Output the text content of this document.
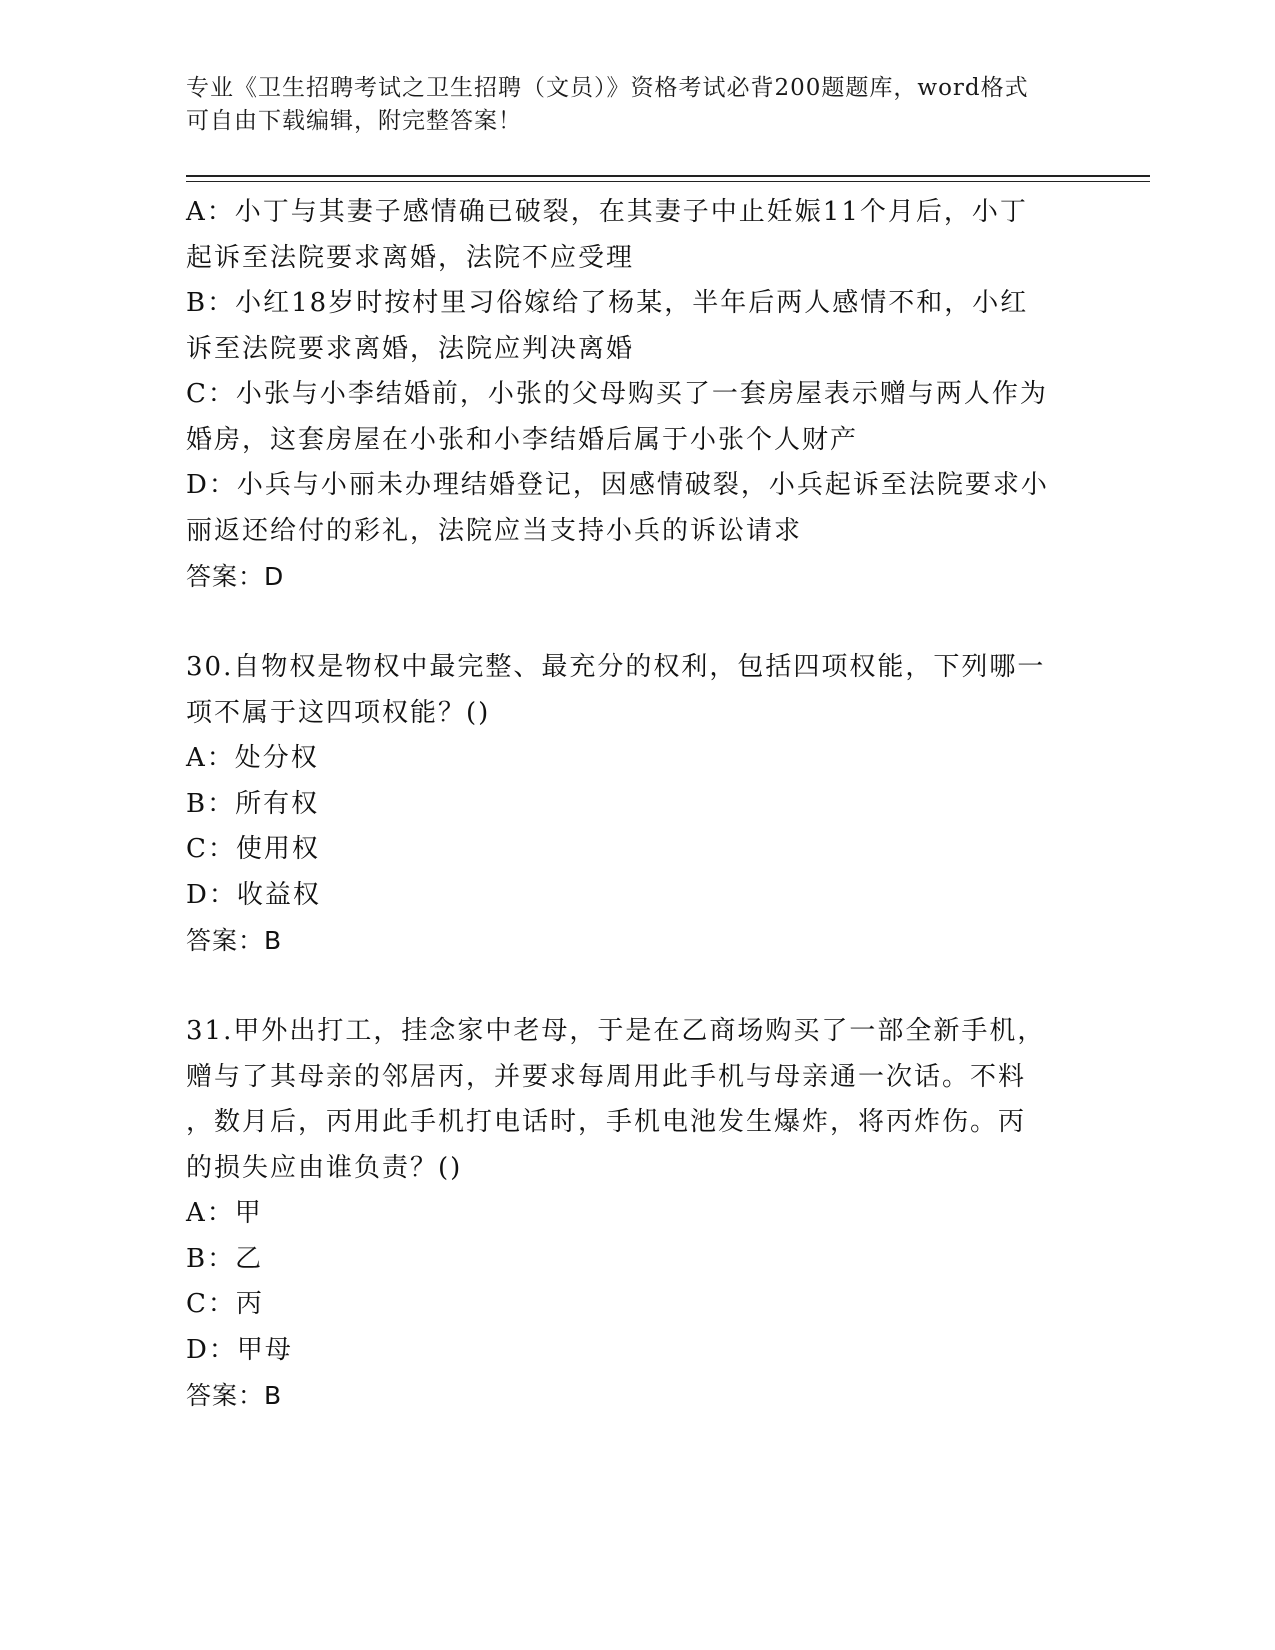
专业《卫生招聘考试之卫生招聘（文员）》资格考试必背200题题库，word格式
可自由下载编辑，附完整答案！
A：小丁与其妻子感情确已破裂，在其妻子中止妊娠11个月后，小丁
起诉至法院要求离婚，法院不应受理
B：小红18岁时按村里习俗嫁给了杨某，半年后两人感情不和，小红
诉至法院要求离婚，法院应判决离婚
C：小张与小李结婚前，小张的父母购买了一套房屋表示赠与两人作为
婚房，这套房屋在小张和小李结婚后属于小张个人财产
D：小兵与小丽未办理结婚登记，因感情破裂，小兵起诉至法院要求小
丽返还给付的彩礼，法院应当支持小兵的诉讼请求
答案：D
30.自物权是物权中最完整、最充分的权利，包括四项权能，下列哪一
项不属于这四项权能？()
A：处分权
B：所有权
C：使用权
D：收益权
答案：B
31.甲外出打工，挂念家中老母，于是在乙商场购买了一部全新手机，
赠与了其母亲的邻居丙，并要求每周用此手机与母亲通一次话。不料
，数月后，丙用此手机打电话时，手机电池发生爆炸，将丙炸伤。丙
的损失应由谁负责？()
A：甲
B：乙
C：丙
D：甲母
答案：B
